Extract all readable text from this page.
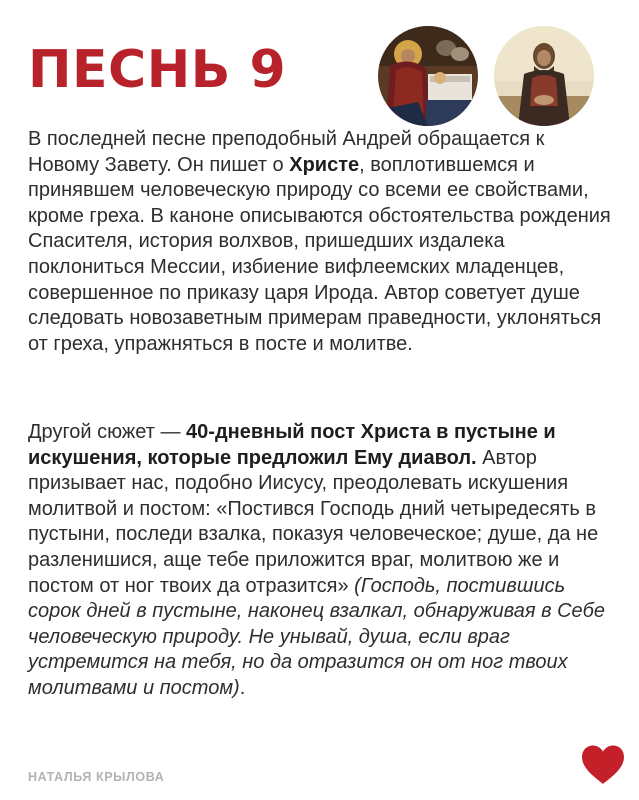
ПЕСНЬ 9

В последней песне преподобный Андрей обращается к Новому Завету. Он пишет о Христе, воплотившемся и принявшем человеческую природу со всеми ее свойствами, кроме греха. В каноне описываются обстоятельства рождения Спасителя, история волхвов, пришедших издалека поклониться Мессии, избиение вифлеемских младенцев, совершенное по приказу царя Ирода. Автор советует душе следовать новозаветным примерам праведности, уклоняться от греха, упражняться в посте и молитве.

Другой сюжет — 40-дневный пост Христа в пустыне и искушения, которые предложил Ему диавол. Автор призывает нас, подобно Иисусу, преодолевать искушения молитвой и постом: «Постився Господь дний четыредесять в пустыни, последи взалка, показуя человеческое; душе, да не разленишися, аще тебе приложится враг, молитвою же и постом от ног твоих да отразится» (Господь, постившись сорок дней в пустыне, наконец взалкал, обнаруживая в Себе человеческую природу. Не унывай, душа, если враг устремится на тебя, но да отразится он от ног твоих молитвами и постом).

НАТАЛЬЯ КРЫЛОВА
